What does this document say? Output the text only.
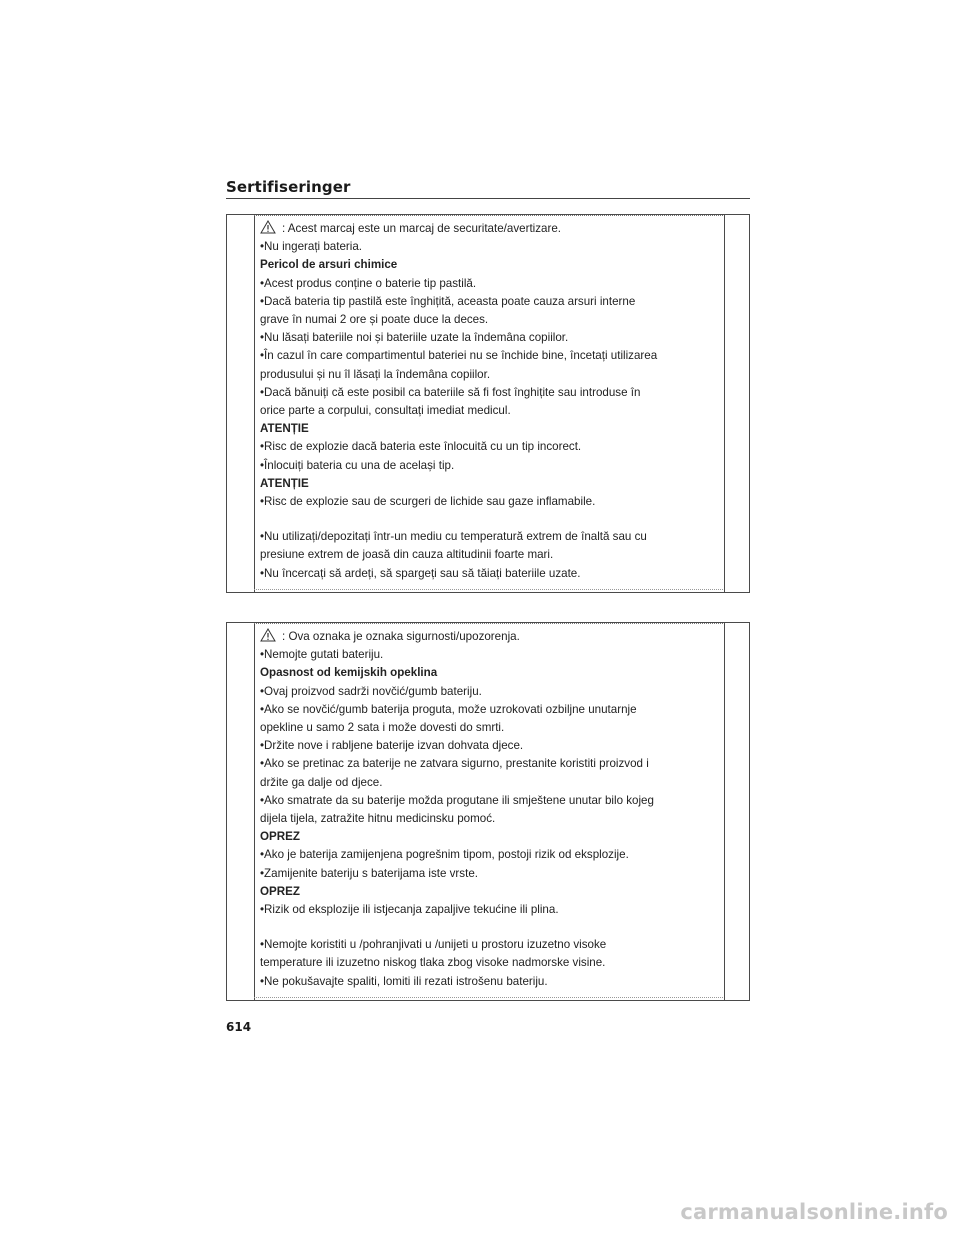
Sertifiseringer
: Acest marcaj este un marcaj de securitate/avertizare.
•Nu ingerați bateria.
Pericol de arsuri chimice
•Acest produs conține o baterie tip pastilă.
•Dacă bateria tip pastilă este înghițită, aceasta poate cauza arsuri interne
grave în numai 2 ore și poate duce la deces.
•Nu lăsați bateriile noi și bateriile uzate la îndemâna copiilor.
•În cazul în care compartimentul bateriei nu se închide bine, încetați utilizarea
produsului și nu îl lăsați la îndemâna copiilor.
•Dacă bănuiți că este posibil ca bateriile să fi fost înghițite sau introduse în
orice parte a corpului, consultați imediat medicul.
ATENȚIE
•Risc de explozie dacă bateria este înlocuită cu un tip incorect.
•Înlocuiți bateria cu una de același tip.
ATENȚIE
•Risc de explozie sau de scurgeri de lichide sau gaze inflamabile.
•Nu utilizați/depozitați într-un mediu cu temperatură extrem de înaltă sau cu
presiune extrem de joasă din cauza altitudinii foarte mari.
•Nu încercați să ardeți, să spargeți sau să tăiați bateriile uzate.
: Ova oznaka je oznaka sigurnosti/upozorenja.
•Nemojte gutati bateriju.
Opasnost od kemijskih opeklina
•Ovaj proizvod sadrži novčić/gumb bateriju.
•Ako se novčić/gumb baterija proguta, može uzrokovati ozbiljne unutarnje
opekline u samo 2 sata i može dovesti do smrti.
•Držite nove i rabljene baterije izvan dohvata djece.
•Ako se pretinac za baterije ne zatvara sigurno, prestanite koristiti proizvod i
držite ga dalje od djece.
•Ako smatrate da su baterije možda progutane ili smještene unutar bilo kojeg
dijela tijela, zatražite hitnu medicinsku pomoć.
OPREZ
•Ako je baterija zamijenjena pogrešnim tipom, postoji rizik od eksplozije.
•Zamijenite bateriju s baterijama iste vrste.
OPREZ
•Rizik od eksplozije ili istjecanja zapaljive tekućine ili plina.
•Nemojte koristiti u /pohranjivati u /unijeti u prostoru izuzetno visoke
temperature ili izuzetno niskog tlaka zbog visoke nadmorske visine.
•Ne pokušavajte spaliti, lomiti ili rezati istrošenu bateriju.
614
carmanualsonline.info
